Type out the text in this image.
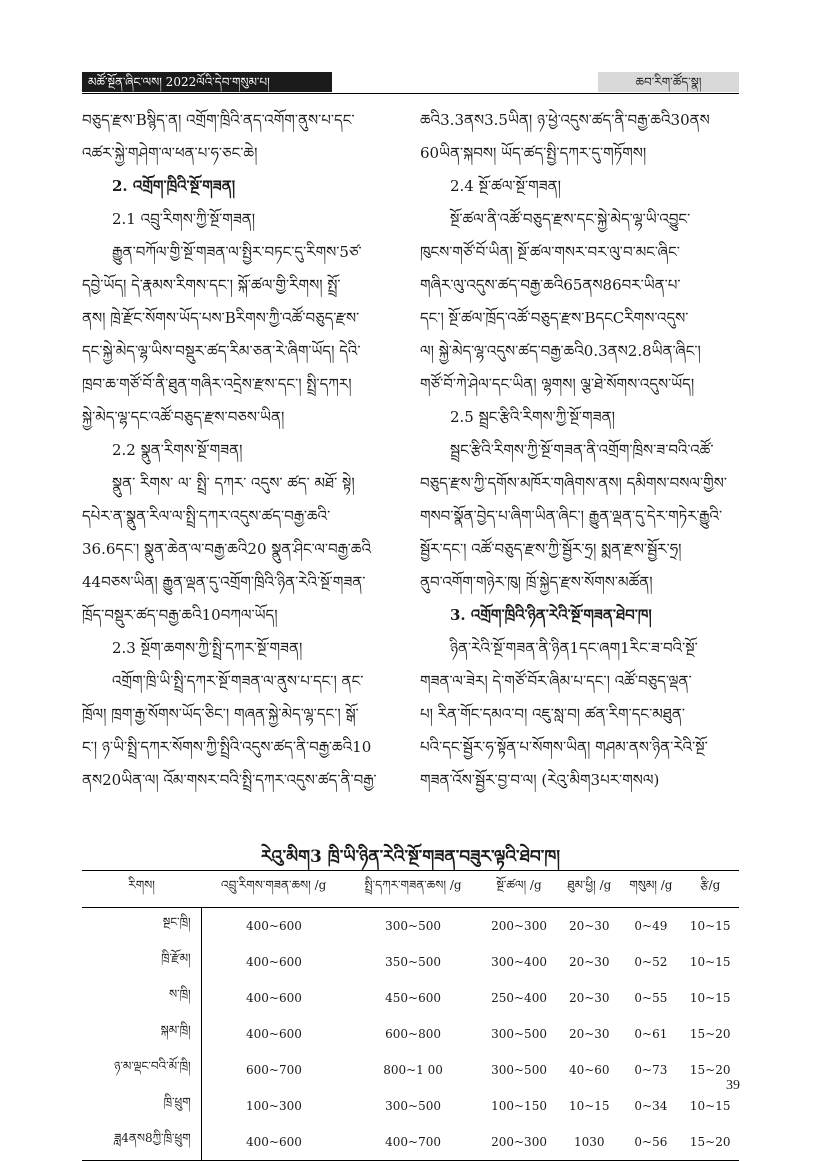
མཚོ་སྔོན་ཞིང་ལས། 2022ལོའི་དེབ་གསུམ་པ།	ཆབ་རིག་ཚོད་སྣ།

བཅུད་རྫས་Bསྙིད་ན། འགྲོག་ཁྲིའི་ནད་འགོག་ནུས་པ་དང་

འཚར་སྐྱེ་གཤེག་ལ་ཕན་པ་ཧ་ཅང་ཆེ།

2. འགྲོག་ཁྲིའི་སྔོ་གཟན།

2.1 འབྲུ་རིགས་ཀྱི་སྔོ་གཟན།

རྒྱུན་བཀོལ་གྱི་སྔོ་གཟན་ལ་སྤྱིར་བཏང་དུ་རིགས་5ཙ་

དབྱེ་ཡོད། དེ་རྣམས་རིགས་དང་། སྐོ་ཚལ་གྱི་རིགས། སྤྲོ་

ནས། ཁྲེ་རྫོང་སོགས་ཡོད་པས་Bརིགས་ཀྱི་འཚོ་བཅུད་རྫས་

དང་སྐྱེ་མེད་ལྷ་ཡིས་བསྡུར་ཚད་རིམ་ཅན་རེ་ཞིག་ཡོད། དེའི་

ཁྲབ་ཆ་གཙོ་བོ་ནི་ཐུན་གཞིར་འདྲེས་རྫས་དང་། སྤྲི་དཀར།

སྐྱེ་མེད་ལྷ་དང་འཚོ་བཅུད་རྫས་བཅས་ཡིན།

2.2 སྣུན་རིགས་སྔོ་གཟན།

སྣུན་ རིགས་ ལ་ སྤྲི་ དཀར་ འདུས་ ཚད་ མཐོ་ སྟེ།

དཔེར་ན་སྣུན་རིལ་ལ་སྤྲི་དཀར་འདུས་ཚད་བརྒྱ་ཆའི་

36.6དང་། སྣུན་ཆེན་ལ་བརྒྱ་ཆའི20 སྣུན་ཤིང་ལ་བརྒྱ་ཆའི

44བཅས་ཡིན། རྒྱུན་ལྡན་དུ་འགྲོག་ཁྲིའི་ཉིན་རེའི་སྔོ་གཟན་

ཁྲོད་བསྡུར་ཚད་བརྒྱ་ཆའི10བཀལ་ཡོད།

2.3 སྔོག་ཆགས་ཀྱི་སྤྲི་དཀར་སྔོ་གཟན།

འགྲོག་ཁྲི་ཡི་སྤྲི་དཀར་སྔོ་གཟན་ལ་ནུས་པ་དང་། ནང་

ཁྲོལ། ཁྲག་རྒྱ་སོགས་ཡོད་ཅིང་། གཞན་སྐྱེ་མེད་ལྷ་དང་། སྒོ་

ང་། ཉ་ཡི་སྤྲི་དཀར་སོགས་ཀྱི་སྤྲིའི་འདུས་ཚད་ནི་བརྒྱ་ཆའི10

ནས20ཡིན་ལ། འོམ་གསར་བའི་སྤྲི་དཀར་འདུས་ཚད་ནི་བརྒྱ་

ཆའི3.3ནས3.5ཡིན། ཉ་ཕྱེ་འདུས་ཚད་ནི་བརྒྱ་ཆའི30ནས

60ཡིན་སྐབས། ཡོད་ཚད་སྤྱི་དཀར་དུ་གཏོགས།

2.4 སྔོ་ཚལ་སྔོ་གཟན།

སྔོ་ཚལ་ནི་འཚོ་བཅུད་རྫས་དང་སྐྱེ་མེད་ལྷ་ཡི་འབྱུང་

ཁུངས་གཙོ་བོ་ཡིན། སྔོ་ཚལ་གསར་བར་ལུ་བ་མང་ཞིང་

གཞིར་ལུ་འདུས་ཚད་བརྒྱ་ཆའི65ནས86བར་ཡིན་པ་

དང་། སྔོ་ཚལ་ཁྲོད་འཚོ་བཅུད་རྫས་BདངCརིགས་འདུས་

ལ། སྐྱེ་མེད་ལྷ་འདུས་ཚད་བརྒྱ་ཆའི0.3ནས2.8ཡིན་ཞིང་།

གཙོ་བོ་ཀེ་ཤེལ་དང་ཡིན། ལྷགས། ལྕ་ཐེ་སོགས་འདུས་ཡོད།

2.5 སྦྲང་རྩིའི་རིགས་ཀྱི་སྔོ་གཟན།

སྦྲང་རྩིའི་རིགས་ཀྱི་སྔོ་གཟན་ནི་འགྲོག་ཁྲིས་ཟ་བའི་འཚོ་

བཅུད་རྫས་ཀྱི་དགོས་མཁོར་གཞིགས་ནས། དམིགས་བསལ་གྱིས་

གསབ་སྣོན་བྱེད་པ་ཞིག་ཡིན་ཞིང་། རྒྱུན་ལྡན་དུ་དེར་གཏེར་རྒྱུའི་

སྦྱོར་དང་། འཚོ་བཅུད་རྫས་ཀྱི་སྦྱོར་ཧྲ། སྨན་རྫས་སྦྱོར་ཧྲ།

ནུབ་འགོག་གཉེར་ཁུ། ཁྲོ་སྐྱེད་རྫས་སོགས་མཚོན།

3. འགྲོག་ཁྲིའི་ཉིན་རེའི་སྔོ་གཟན་ཐེབ་ཁ།

ཉིན་རེའི་སྔོ་གཟན་ནི་ཉིན1དང་ཞག1རིང་ཟ་བའི་སྔོ་

གཟན་ལ་ཟེར། དེ་གཙོ་བོར་ཞིམ་པ་དང་། འཚོ་བཅུད་ལྡན་

པ། རིན་གོང་དམའ་བ། འཇུ་སླ་བ། ཚན་རིག་དང་མཐུན་

པའི་དང་སྦྱོར་ཧ་སྟོན་པ་སོགས་ཡིན། གཤམ་ནས་ཉིན་རེའི་སྔོ་

གཟན་འོས་སྦྱོར་བྱ་བ་ལ། (རེའུ་མིག3པར་གསལ)

རེའུ་མིག3 ཁྲི་ཡི་ཉིན་རེའི་སྔོ་གཟན་བཟུར་ལྟའི་ཐེབ་ཁ།
རིགས།	འབྲུ་རིགས་གཟན་ཆས། /g	སྤྲི་དཀར་གཟན་ཆས། /g	སྔོ་ཚལ། /g	ཐུམ་ཕྱི། /g	གསུམ། /g	རྩི/g
སྔང་ཁྲི།	400~600	300~500	200~300	20~30	0~49	10~15
ཁྲི་རྫོམ།	400~600	350~500	300~400	20~30	0~52	10~15
ས་ཁྲི།	400~600	450~600	250~400	20~30	0~55	10~15
སྐམ་ཁྲི།	400~600	600~800	300~500	20~30	0~61	15~20
ཉ་མ་ལྡང་བའི་མོ་ཁྲི།	600~700	800~1 00	300~500	40~60	0~73	15~20
ཁྲི་ཕྲུག	100~300	300~500	100~150	10~15	0~34	10~15
ཟླ4ནས8ཀྱི་ཁྲི་ཕྲུག	400~600	400~700	200~300	1030	0~56	15~20
39
